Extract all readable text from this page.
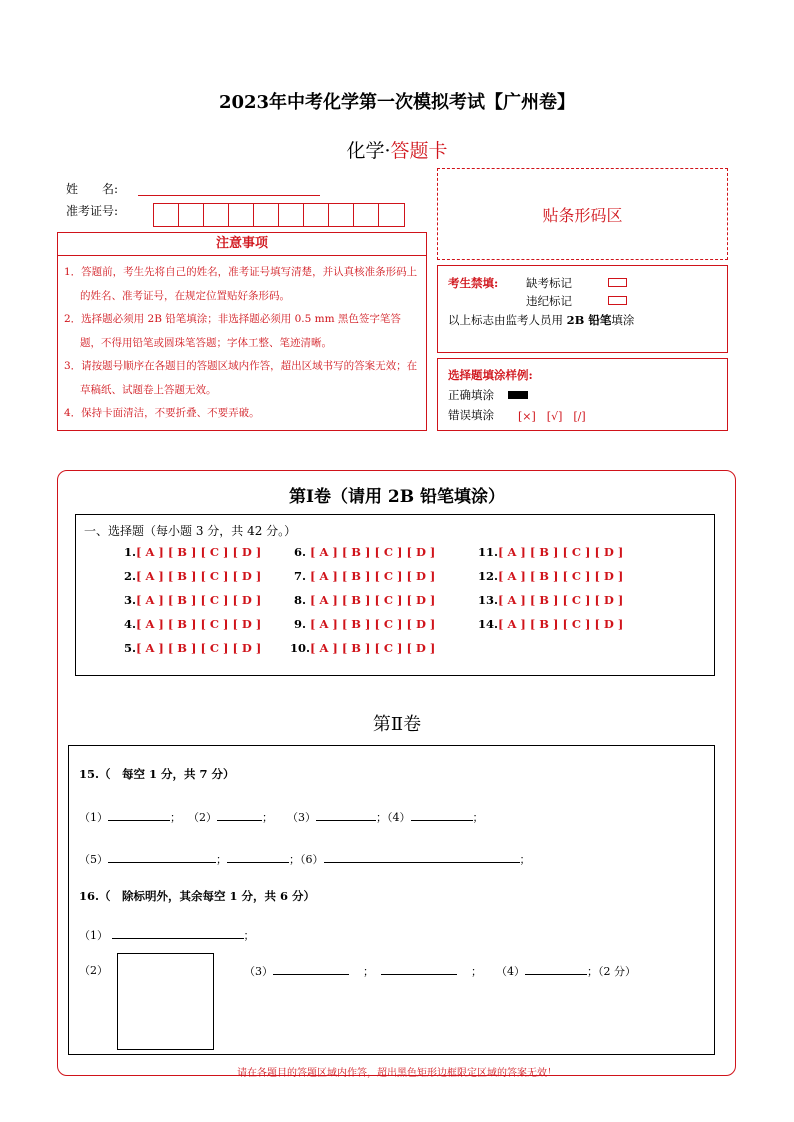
2023年中考化学第一次模拟考试【广州卷】
化学·答题卡
姓　　名:
准考证号:	贴条形码区
注意事项
1．答题前，考生先将自己的姓名，准考证号填写清楚，并认真核准条形码上的姓名、准考证号，在规定位置贴好条形码。
2．选择题必须用 2B 铅笔填涂；非选择题必须用 0.5 mm 黑色签字笔答题，不得用铅笔或圆珠笔答题；字体工整、笔迹清晰。
3．请按题号顺序在各题目的答题区域内作答，超出区域书写的答案无效；在草稿纸、试题卷上答题无效。
4．保持卡面清洁，不要折叠、不要弄破。
考生禁填: 缺考标记
违纪标记
以上标志由监考人员用 2B 铅笔填涂
选择题填涂样例:
正确填涂
错误填涂 [×]　[√]　[/]
第Ⅰ卷（请用 2B 铅笔填涂）
一、选择题（每小题 3 分，共 42 分。）
1.[ A ] [ B ] [ C ] [ D ]
2.[ A ] [ B ] [ C ] [ D ]
3.[ A ] [ B ] [ C ] [ D ]
4.[ A ] [ B ] [ C ] [ D ]
5.[ A ] [ B ] [ C ] [ D ]
6. [ A ] [ B ] [ C ] [ D ]
7. [ A ] [ B ] [ C ] [ D ]
8. [ A ] [ B ] [ C ] [ D ]
9. [ A ] [ B ] [ C ] [ D ]
10.[ A ] [ B ] [ C ] [ D ]
11.[ A ] [ B ] [ C ] [ D ]
12.[ A ] [ B ] [ C ] [ D ]
13.[ A ] [ B ] [ C ] [ D ]
14.[ A ] [ B ] [ C ] [ D ]
第Ⅱ卷
15.（　每空 1 分，共 7 分）
（1）	； （2）	； （3）	；（4）	；
（5）	；	；（6）	；
16.（　除标明外，其余每空 1 分，共 6 分）
（1）	；
（2）	（3）	；	； （4）	；（2 分）
请在各题目的答题区域内作答，超出黑色矩形边框限定区域的答案无效！
